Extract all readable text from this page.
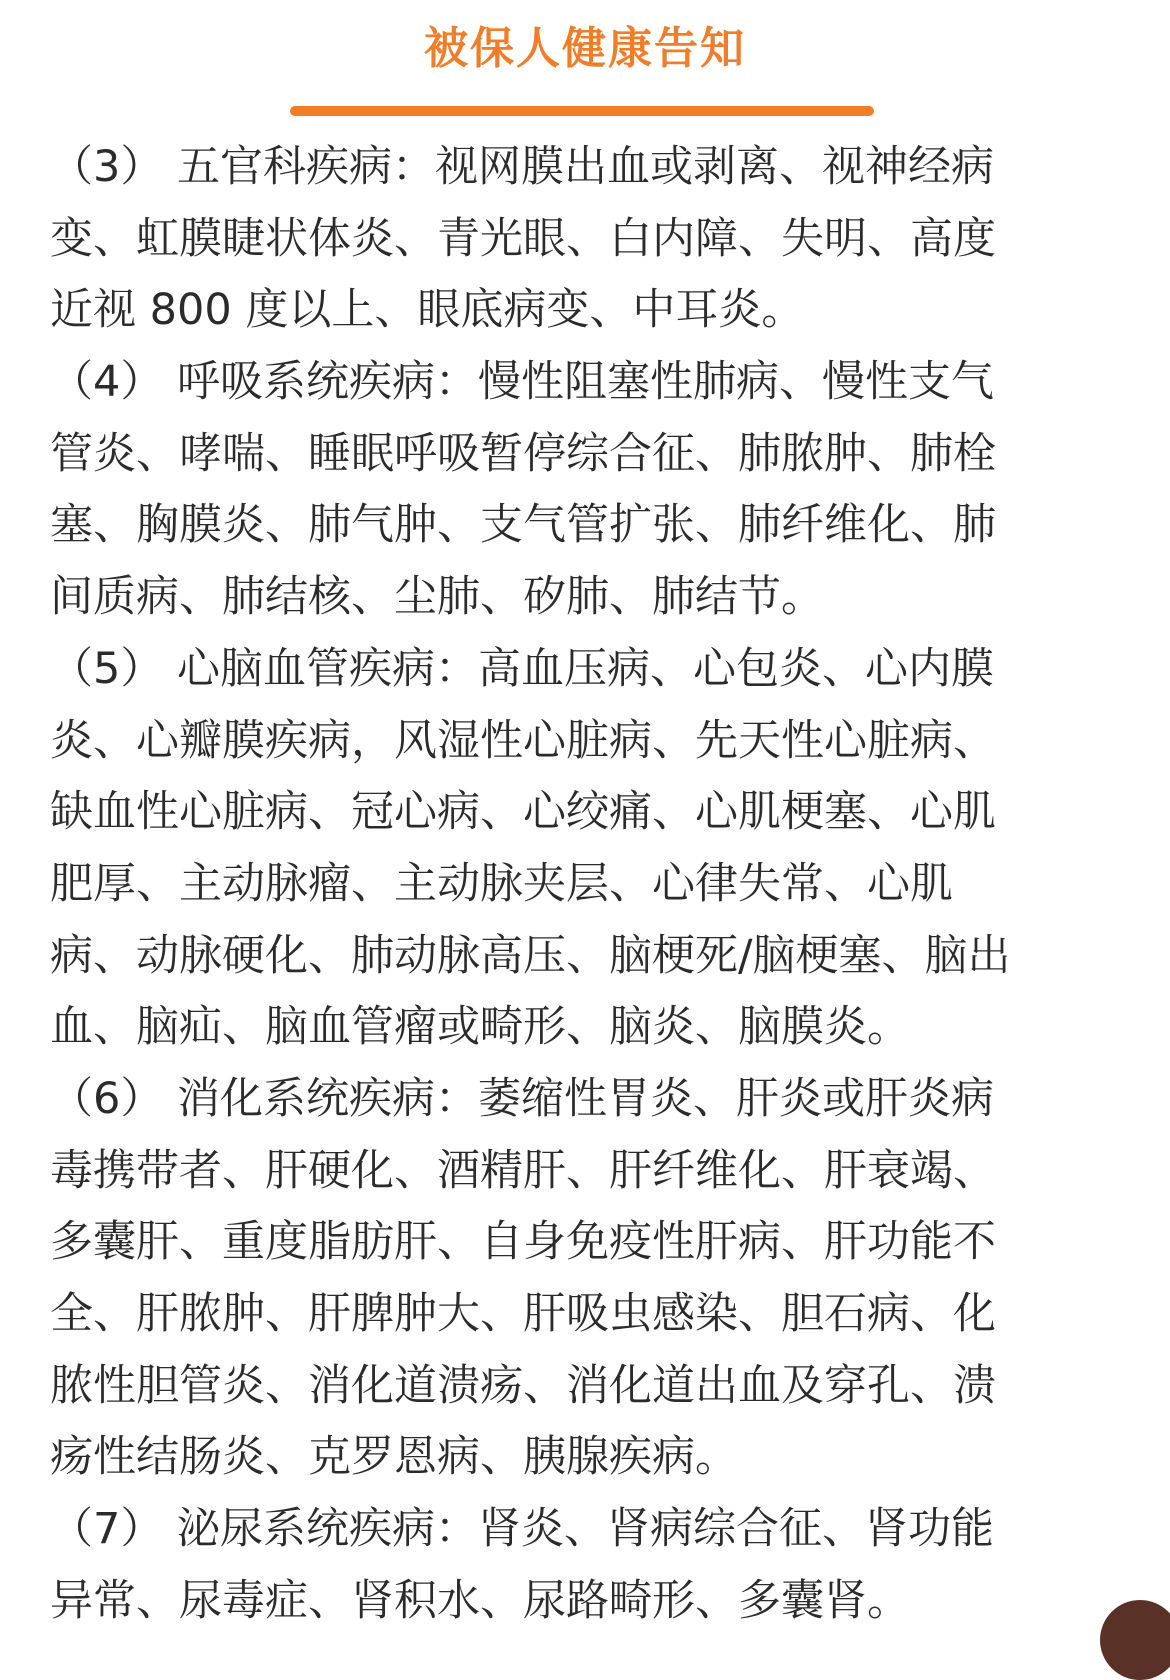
被保人健康告知
（3） 五官科疾病：视网膜出血或剥离、视神经病
变、虹膜睫状体炎、青光眼、白内障、失明、高度
近视 800 度以上、眼底病变、中耳炎。
（4） 呼吸系统疾病：慢性阻塞性肺病、慢性支气
管炎、哮喘、睡眠呼吸暂停综合征、肺脓肿、肺栓
塞、胸膜炎、肺气肿、支气管扩张、肺纤维化、肺
间质病、肺结核、尘肺、矽肺、肺结节。
（5） 心脑血管疾病：高血压病、心包炎、心内膜
炎、心瓣膜疾病，风湿性心脏病、先天性心脏病、
缺血性心脏病、冠心病、心绞痛、心肌梗塞、心肌
肥厚、主动脉瘤、主动脉夹层、心律失常、心肌
病、动脉硬化、肺动脉高压、脑梗死/脑梗塞、脑出
血、脑疝、脑血管瘤或畸形、脑炎、脑膜炎。
（6） 消化系统疾病：萎缩性胃炎、肝炎或肝炎病
毒携带者、肝硬化、酒精肝、肝纤维化、肝衰竭、
多囊肝、重度脂肪肝、自身免疫性肝病、肝功能不
全、肝脓肿、肝脾肿大、肝吸虫感染、胆石病、化
脓性胆管炎、消化道溃疡、消化道出血及穿孔、溃
疡性结肠炎、克罗恩病、胰腺疾病。
（7） 泌尿系统疾病：肾炎、肾病综合征、肾功能
异常、尿毒症、肾积水、尿路畸形、多囊肾。
